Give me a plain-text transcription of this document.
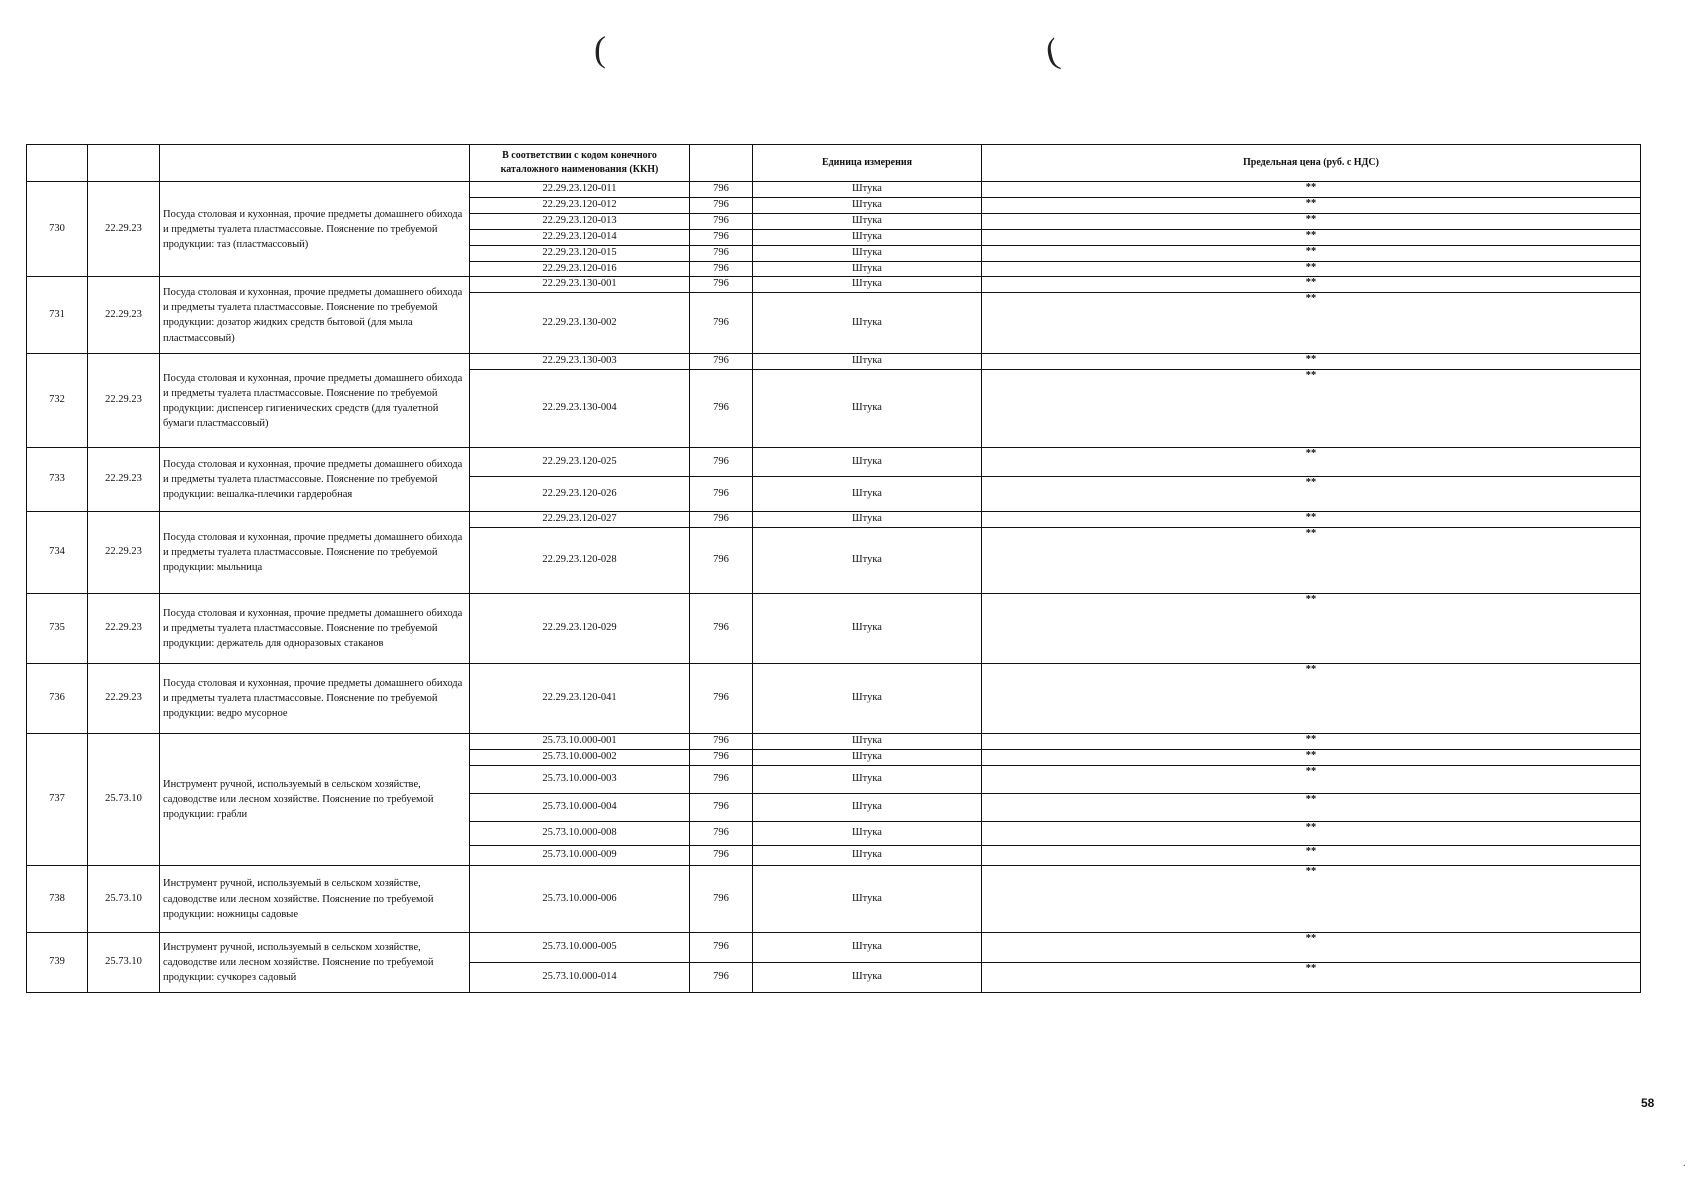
(	(
·
			В соответствии с кодом конечного каталожного наименования (ККН)		Единица измерения	Предельная цена (руб. с НДС)
730	22.29.23	Посуда столовая и кухонная, прочие предметы домашнего обихода и предметы туалета пластмассовые. Пояснение по требуемой продукции: таз (пластмассовый)	22.29.23.120-011	796	Штука	**
			22.29.23.120-012	796	Штука	**
			22.29.23.120-013	796	Штука	**
			22.29.23.120-014	796	Штука	**
			22.29.23.120-015	796	Штука	**
			22.29.23.120-016	796	Штука	**
731	22.29.23	Посуда столовая и кухонная, прочие предметы домашнего обихода и предметы туалета пластмассовые. Пояснение по требуемой продукции: дозатор жидких средств бытовой (для мыла пластмассовый)	22.29.23.130-001	796	Штука	**
			22.29.23.130-002	796	Штука	**
732	22.29.23	Посуда столовая и кухонная, прочие предметы домашнего обихода и предметы туалета пластмассовые. Пояснение по требуемой продукции: диспенсер гигиенических средств (для туалетной бумаги пластмассовый)	22.29.23.130-003	796	Штука	**
			22.29.23.130-004	796	Штука	**
733	22.29.23	Посуда столовая и кухонная, прочие предметы домашнего обихода и предметы туалета пластмассовые. Пояснение по требуемой продукции: вешалка-плечики гардеробная	22.29.23.120-025	796	Штука	**
			22.29.23.120-026	796	Штука	**
734	22.29.23	Посуда столовая и кухонная, прочие предметы домашнего обихода и предметы туалета пластмассовые. Пояснение по требуемой продукции: мыльница	22.29.23.120-027	796	Штука	**
			22.29.23.120-028	796	Штука	**
735	22.29.23	Посуда столовая и кухонная, прочие предметы домашнего обихода и предметы туалета пластмассовые. Пояснение по требуемой продукции: держатель для одноразовых стаканов	22.29.23.120-029	796	Штука	**
736	22.29.23	Посуда столовая и кухонная, прочие предметы домашнего обихода и предметы туалета пластмассовые. Пояснение по требуемой продукции: ведро мусорное	22.29.23.120-041	796	Штука	**
737	25.73.10	Инструмент ручной, используемый в сельском хозяйстве, садоводстве или лесном хозяйстве. Пояснение по требуемой продукции: грабли	25.73.10.000-001	796	Штука	**
			25.73.10.000-002	796	Штука	**
			25.73.10.000-003	796	Штука	**
			25.73.10.000-004	796	Штука	**
			25.73.10.000-008	796	Штука	**
			25.73.10.000-009	796	Штука	**
738	25.73.10	Инструмент ручной, используемый в сельском хозяйстве, садоводстве или лесном хозяйстве. Пояснение по требуемой продукции: ножницы садовые	25.73.10.000-006	796	Штука	**
739	25.73.10	Инструмент ручной, используемый в сельском хозяйстве, садоводстве или лесном хозяйстве. Пояснение по требуемой продукции: сучкорез садовый	25.73.10.000-005	796	Штука	**
			25.73.10.000-014	796	Штука	**
58
